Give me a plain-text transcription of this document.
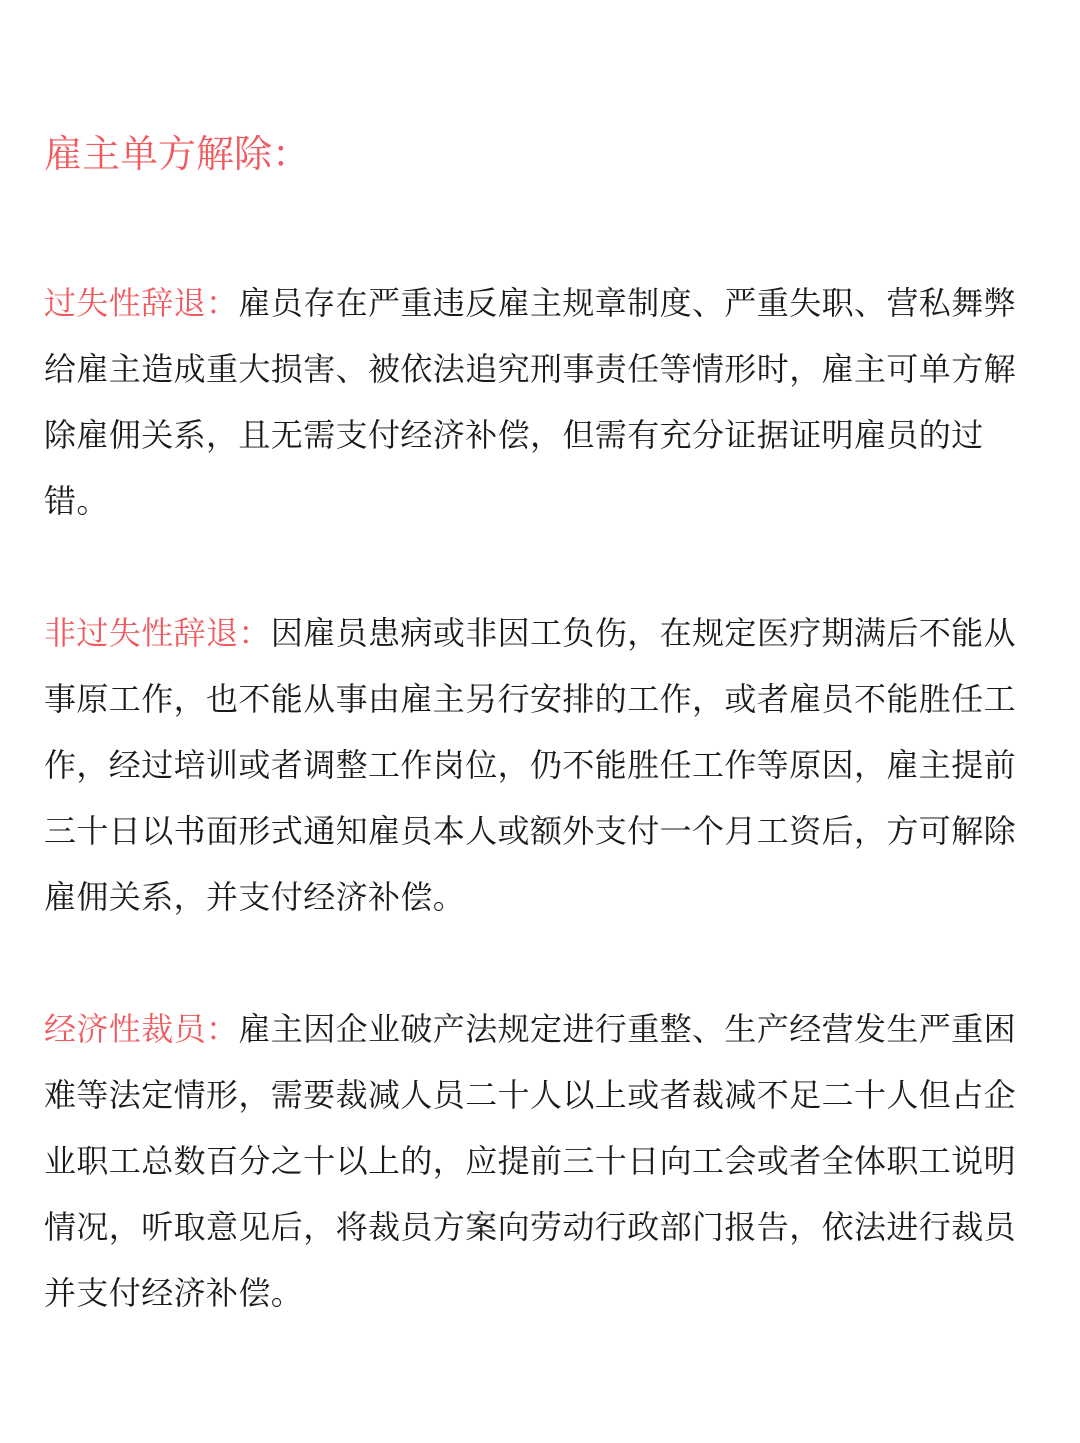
雇主单方解除：

过失性辞退：雇员存在严重违反雇主规章制度、严重失职、营私舞弊给雇主造成重大损害、被依法追究刑事责任等情形时，雇主可单方解除雇佣关系，且无需支付经济补偿，但需有充分证据证明雇员的过错。

非过失性辞退：因雇员患病或非因工负伤，在规定医疗期满后不能从事原工作，也不能从事由雇主另行安排的工作，或者雇员不能胜任工作，经过培训或者调整工作岗位，仍不能胜任工作等原因，雇主提前三十日以书面形式通知雇员本人或额外支付一个月工资后，方可解除雇佣关系，并支付经济补偿。

经济性裁员：雇主因企业破产法规定进行重整、生产经营发生严重困难等法定情形，需要裁减人员二十人以上或者裁减不足二十人但占企业职工总数百分之十以上的，应提前三十日向工会或者全体职工说明情况，听取意见后，将裁员方案向劳动行政部门报告，依法进行裁员并支付经济补偿。
